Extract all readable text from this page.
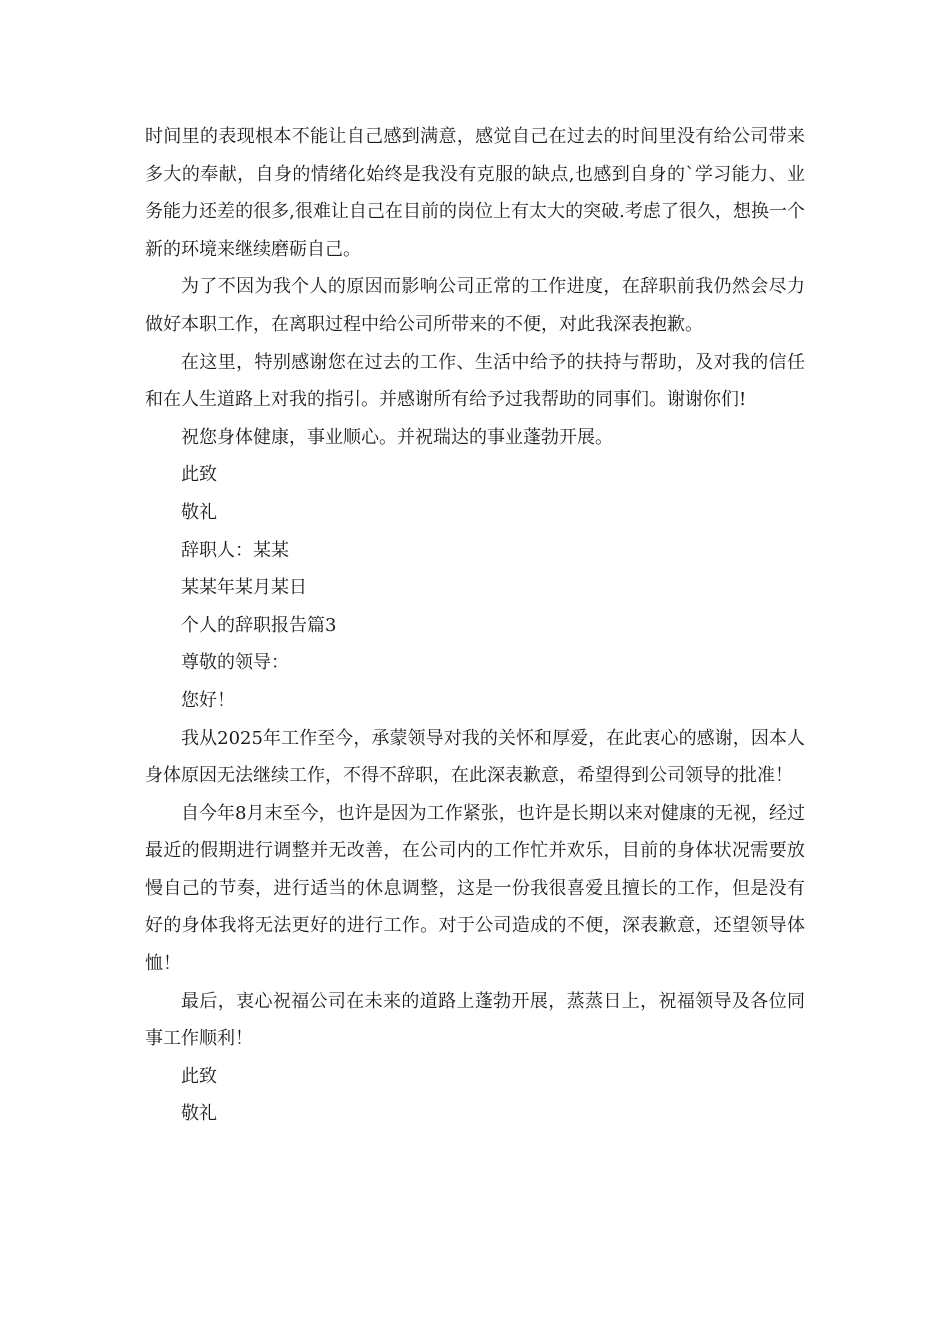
时间里的表现根本不能让自己感到满意，感觉自己在过去的时间里没有给公司带来多大的奉献，自身的情绪化始终是我没有克服的缺点,也感到自身的`学习能力、业务能力还差的很多,很难让自己在目前的岗位上有太大的突破.考虑了很久，想换一个新的环境来继续磨砺自己。

为了不因为我个人的原因而影响公司正常的工作进度，在辞职前我仍然会尽力做好本职工作，在离职过程中给公司所带来的不便，对此我深表抱歉。

在这里，特别感谢您在过去的工作、生活中给予的扶持与帮助，及对我的信任和在人生道路上对我的指引。并感谢所有给予过我帮助的同事们。谢谢你们!

祝您身体健康，事业顺心。并祝瑞达的事业蓬勃开展。

此致

敬礼

辞职人：某某

某某年某月某日

个人的辞职报告篇3

尊敬的领导：

您好！

我从2025年工作至今，承蒙领导对我的关怀和厚爱，在此衷心的感谢，因本人身体原因无法继续工作，不得不辞职，在此深表歉意，希望得到公司领导的批准！

自今年8月末至今，也许是因为工作紧张，也许是长期以来对健康的无视，经过最近的假期进行调整并无改善，在公司内的工作忙并欢乐，目前的身体状况需要放慢自己的节奏，进行适当的休息调整，这是一份我很喜爱且擅长的工作，但是没有好的身体我将无法更好的进行工作。对于公司造成的不便，深表歉意，还望领导体恤！

最后，衷心祝福公司在未来的道路上蓬勃开展，蒸蒸日上，祝福领导及各位同事工作顺利！

此致

敬礼
